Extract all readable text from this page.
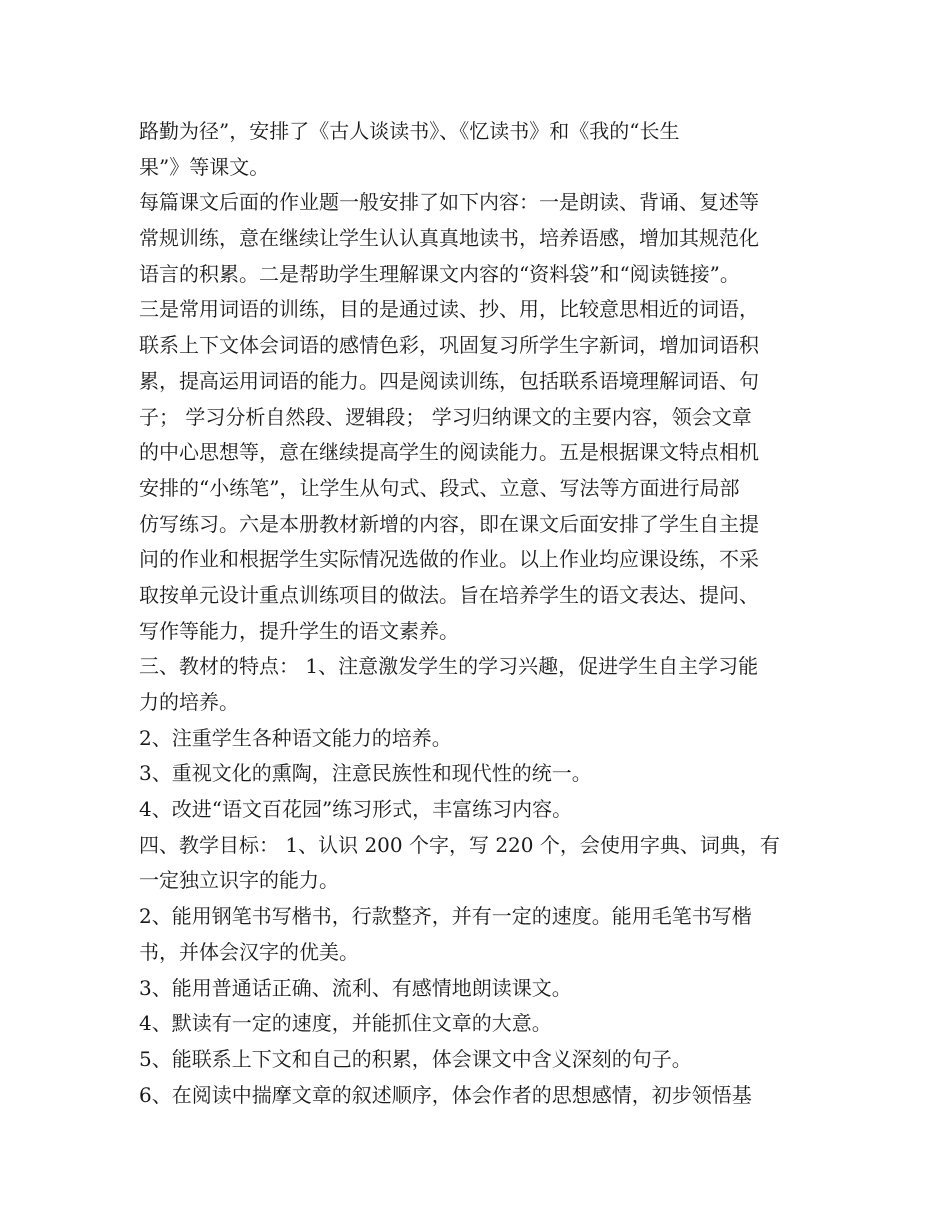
路勤为径”，安排了《古人谈读书》、《忆读书》和《我的“长生
果”》等课文。
每篇课文后面的作业题一般安排了如下内容：一是朗读、背诵、复述等
常规训练，意在继续让学生认认真真地读书，培养语感，增加其规范化
语言的积累。二是帮助学生理解课文内容的“资料袋”和“阅读链接”。
三是常用词语的训练，目的是通过读、抄、用，比较意思相近的词语，
联系上下文体会词语的感情色彩，巩固复习所学生字新词，增加词语积
累，提高运用词语的能力。四是阅读训练，包括联系语境理解词语、句
子； 学习分析自然段、逻辑段； 学习归纳课文的主要内容，领会文章
的中心思想等，意在继续提高学生的阅读能力。五是根据课文特点相机
安排的“小练笔”，让学生从句式、段式、立意、写法等方面进行局部
仿写练习。六是本册教材新增的内容，即在课文后面安排了学生自主提
问的作业和根据学生实际情况选做的作业。以上作业均应课设练，不采
取按单元设计重点训练项目的做法。旨在培养学生的语文表达、提问、
写作等能力，提升学生的语文素养。
三、教材的特点： 1、注意激发学生的学习兴趣，促进学生自主学习能
力的培养。
2、注重学生各种语文能力的培养。
3、重视文化的熏陶，注意民族性和现代性的统一。
4、改进“语文百花园”练习形式，丰富练习内容。
四、教学目标： 1、认识 200 个字，写 220 个，会使用字典、词典，有
一定独立识字的能力。
2、能用钢笔书写楷书，行款整齐，并有一定的速度。能用毛笔书写楷
书，并体会汉字的优美。
3、能用普通话正确、流利、有感情地朗读课文。
4、默读有一定的速度，并能抓住文章的大意。
5、能联系上下文和自己的积累，体会课文中含义深刻的句子。
6、在阅读中揣摩文章的叙述顺序，体会作者的思想感情，初步领悟基
